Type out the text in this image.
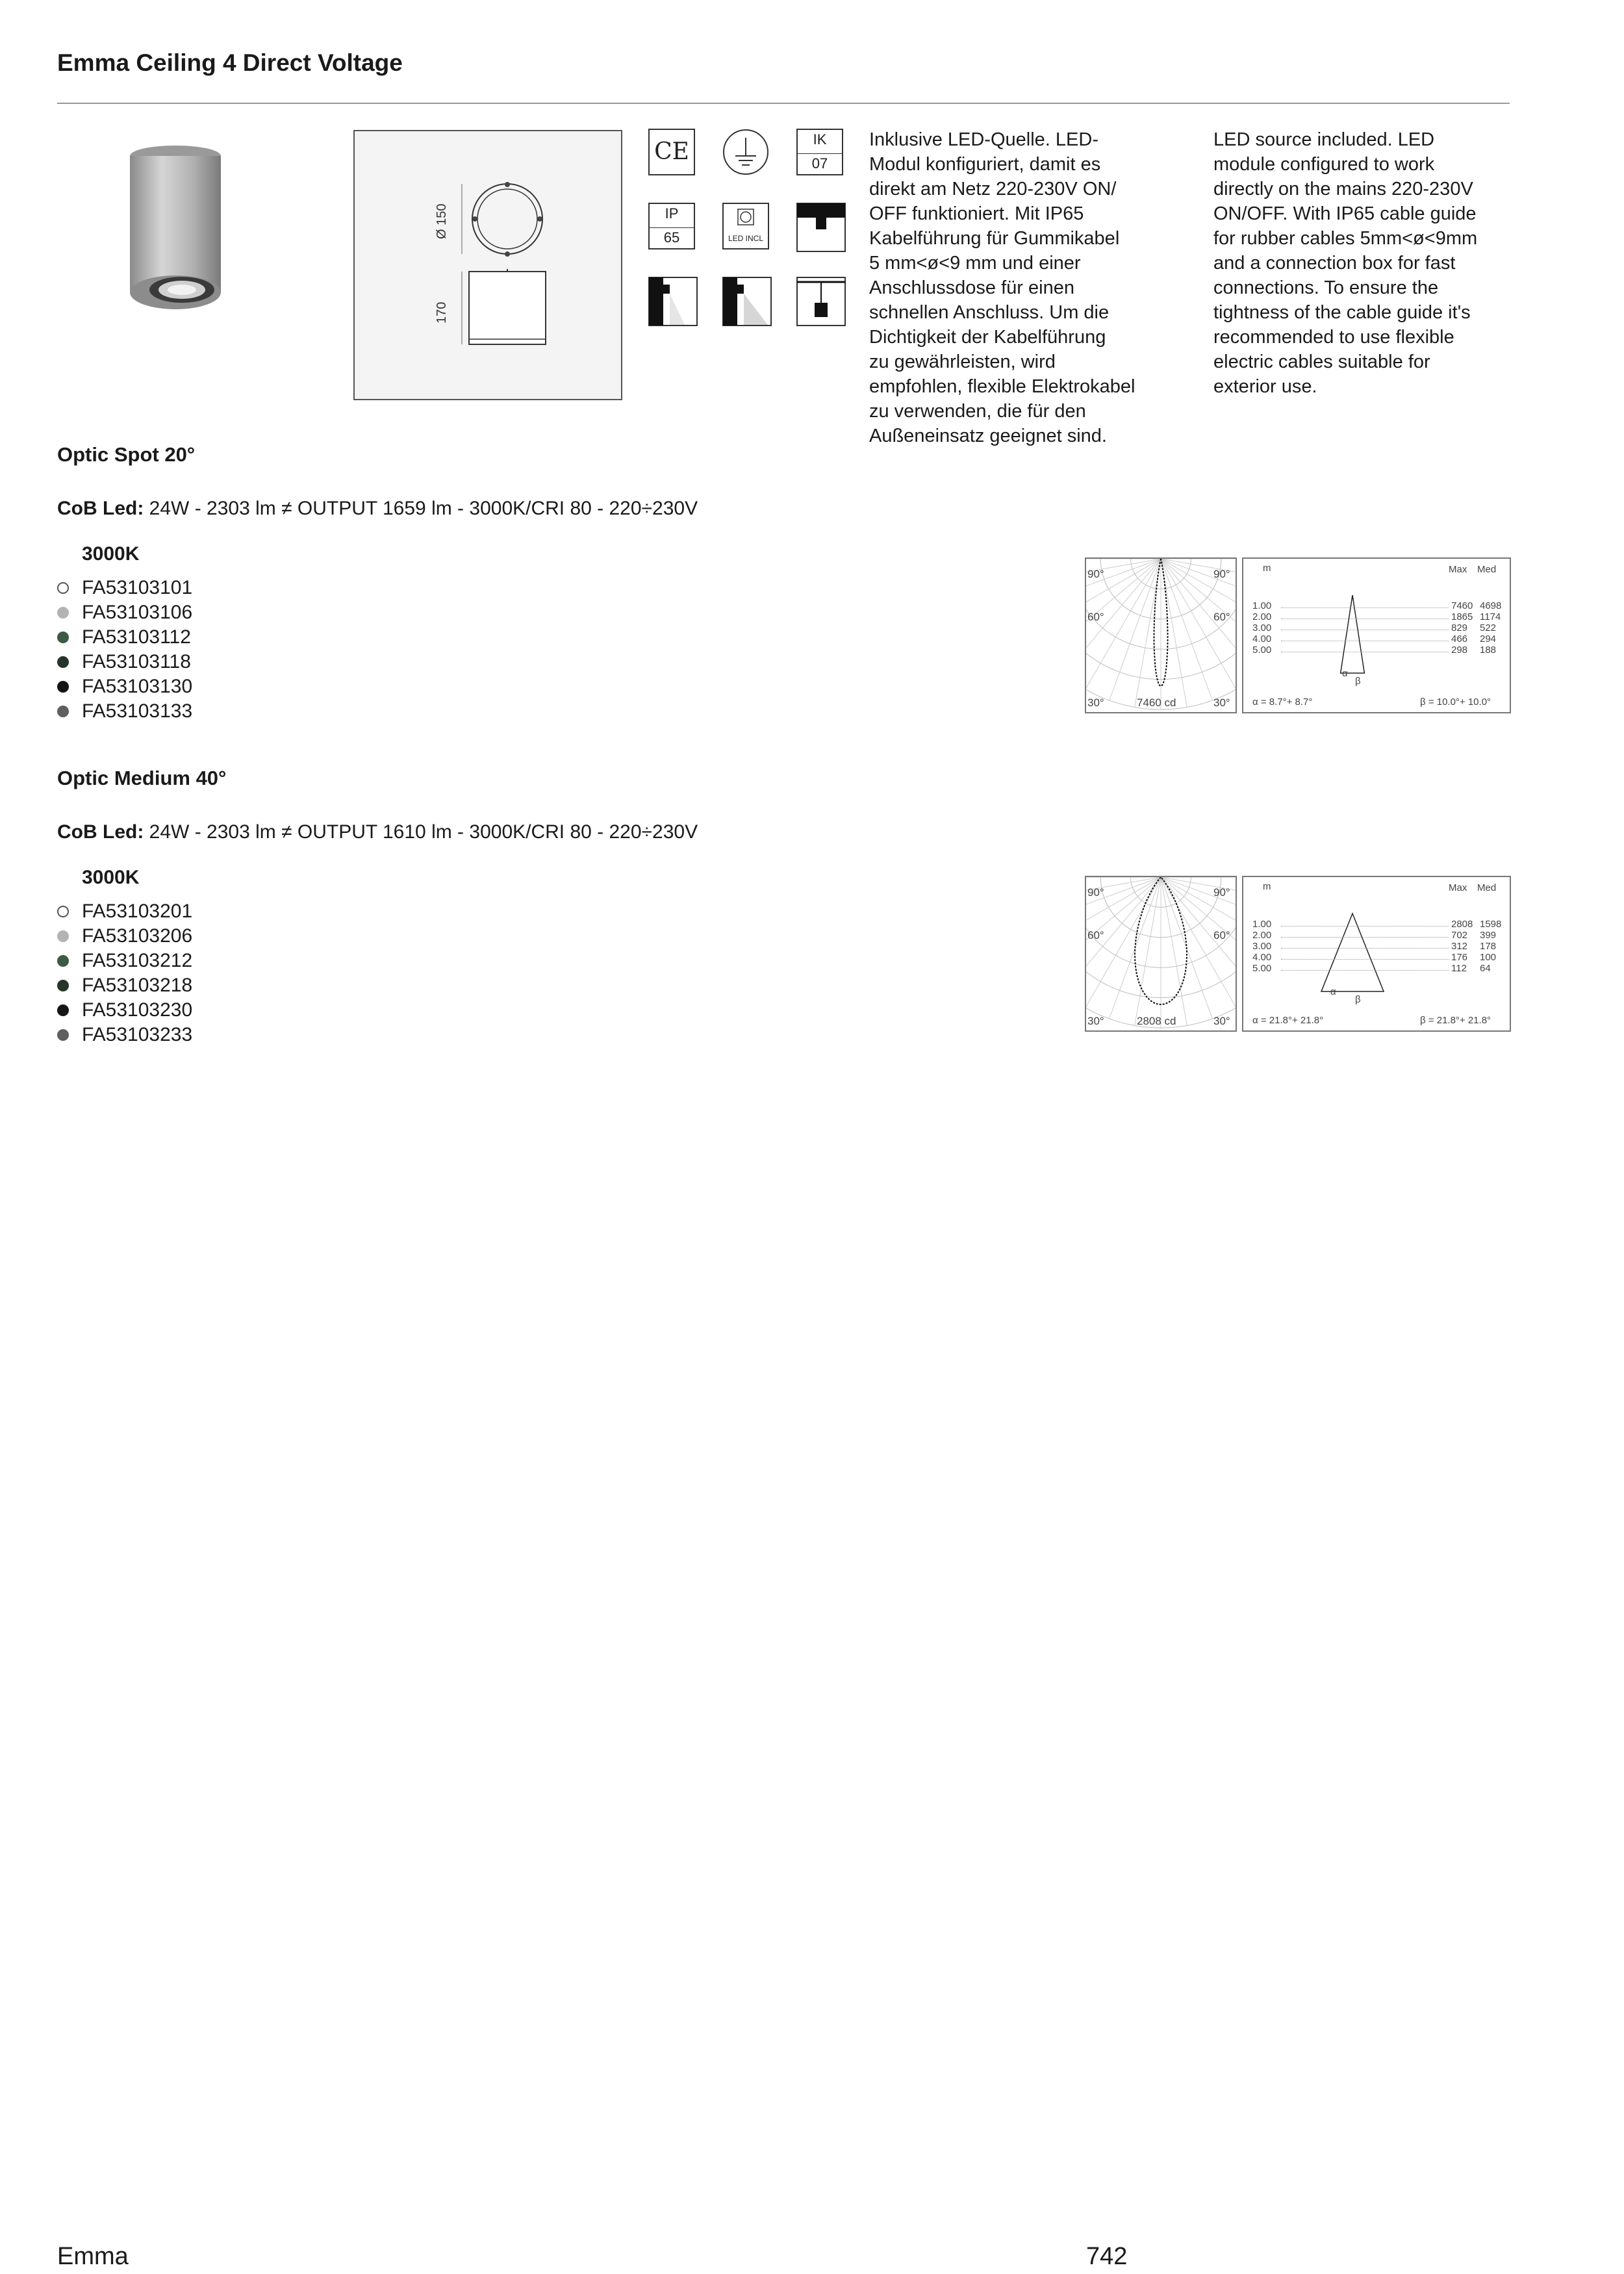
Emma Ceiling 4 Direct Voltage
Ø 150
170
CE	IK
07
IP
65	LED INCL
Inklusive LED-Quelle. LED-
Modul konfiguriert, damit es
direkt am Netz 220-230V ON/
OFF funktioniert. Mit IP65
Kabelführung für Gummikabel
5 mm<ø<9 mm und einer
Anschlussdose für einen
schnellen Anschluss. Um die
Dichtigkeit der Kabelführung
zu gewährleisten, wird
empfohlen, flexible Elektrokabel
zu verwenden, die für den
Außeneinsatz geeignet sind.
LED source included. LED
module configured to work
directly on the mains 220-230V
ON/OFF. With IP65 cable guide
for rubber cables 5mm<ø<9mm
and a connection box for fast
connections. To ensure the
tightness of the cable guide it's
recommended to use flexible
electric cables suitable for
exterior use.
Optic Spot 20°
CoB Led: 24W - 2303 lm ≠ OUTPUT 1659 lm - 3000K/CRI 80 - 220÷230V
3000K
FA53103101
FA53103106
FA53103112
FA53103118
FA53103130
FA53103133
90°	90°
60°	60°
30°	30°
7460 cd
m	Max Med
1.00	7460 4698
2.00	1865 1174
3.00	829	522
4.00	466	294
5.00	298	188
α
β
α = 8.7°+ 8.7°	β = 10.0°+ 10.0°
Optic Medium 40°
CoB Led: 24W - 2303 lm ≠ OUTPUT 1610 lm - 3000K/CRI 80 - 220÷230V
3000K
FA53103201
FA53103206
FA53103212
FA53103218
FA53103230
FA53103233
90°	90°
60°	60°
30°	30°
2808 cd
m	Max Med
1.00	2808 1598
2.00	702	399
3.00	312	178
4.00	176	100
5.00	112	64
α
β
α = 21.8°+ 21.8°	β = 21.8°+ 21.8°
Emma	742
